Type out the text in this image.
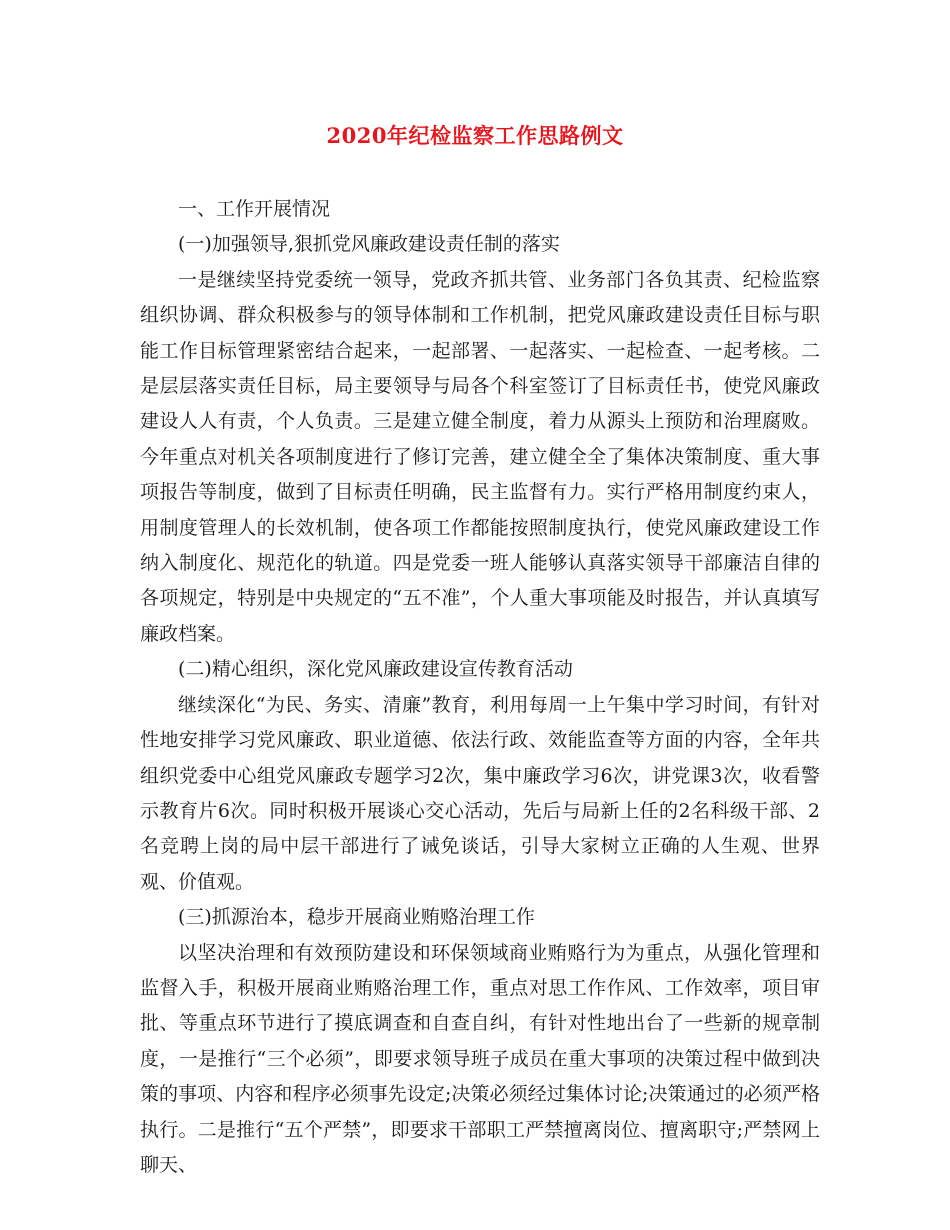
2020年纪检监察工作思路例文

一、工作开展情况

(一)加强领导,狠抓党风廉政建设责任制的落实

一是继续坚持党委统一领导，党政齐抓共管、业务部门各负其责、纪检监察组织协调、群众积极参与的领导体制和工作机制，把党风廉政建设责任目标与职能工作目标管理紧密结合起来，一起部署、一起落实、一起检查、一起考核。二是层层落实责任目标，局主要领导与局各个科室签订了目标责任书，使党风廉政建设人人有责，个人负责。三是建立健全制度，着力从源头上预防和治理腐败。今年重点对机关各项制度进行了修订完善，建立健全全了集体决策制度、重大事项报告等制度，做到了目标责任明确，民主监督有力。实行严格用制度约束人，用制度管理人的长效机制，使各项工作都能按照制度执行，使党风廉政建设工作纳入制度化、规范化的轨道。四是党委一班人能够认真落实领导干部廉洁自律的各项规定，特别是中央规定的“五不准”，个人重大事项能及时报告，并认真填写廉政档案。

(二)精心组织，深化党风廉政建设宣传教育活动

继续深化“为民、务实、清廉”教育，利用每周一上午集中学习时间，有针对性地安排学习党风廉政、职业道德、依法行政、效能监查等方面的内容，全年共组织党委中心组党风廉政专题学习2次，集中廉政学习6次，讲党课3次，收看警示教育片6次。同时积极开展谈心交心活动，先后与局新上任的2名科级干部、2名竞聘上岗的局中层干部进行了诫免谈话，引导大家树立正确的人生观、世界观、价值观。

(三)抓源治本，稳步开展商业贿赂治理工作

以坚决治理和有效预防建设和环保领域商业贿赂行为为重点，从强化管理和监督入手，积极开展商业贿赂治理工作，重点对思工作作风、工作效率，项目审批、等重点环节进行了摸底调查和自查自纠，有针对性地出台了一些新的规章制度，一是推行“三个必须”，即要求领导班子成员在重大事项的决策过程中做到决策的事项、内容和程序必须事先设定;决策必须经过集体讨论;决策通过的必须严格执行。二是推行“五个严禁”，即要求干部职工严禁擅离岗位、擅离职守;严禁网上聊天、
